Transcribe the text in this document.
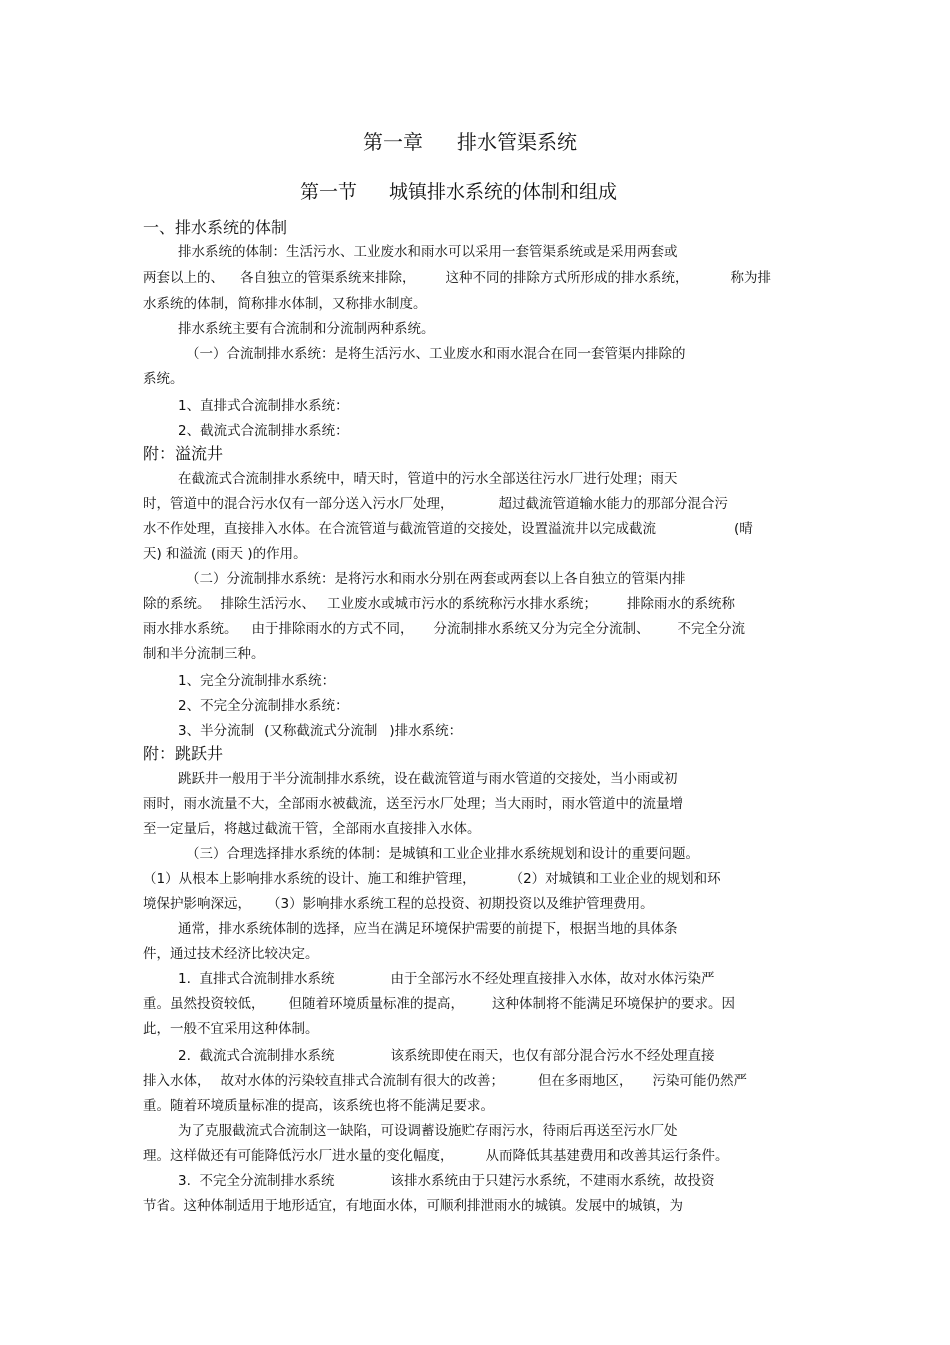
第一章 排水管渠系统
第一节 城镇排水系统的体制和组成
一、排水系统的体制
排水系统的体制：生活污水、工业废水和雨水可以采用一套管渠系统或是采用两套或
两套以上的、 各自独立的管渠系统来排除， 这种不同的排除方式所形成的排水系统，	称为排
水系统的体制，简称排水体制，又称排水制度。
排水系统主要有合流制和分流制两种系统。
（一）合流制排水系统：是将生活污水、工业废水和雨水混合在同一套管渠内排除的
系统。
1、直排式合流制排水系统：
2、截流式合流制排水系统：
附：溢流井
在截流式合流制排水系统中，晴天时，管道中的污水全部送往污水厂进行处理；雨天
时，管道中的混合污水仅有一部分送入污水厂处理，	超过截流管道输水能力的那部分混合污
水不作处理，直接排入水体。在合流管道与截流管道的交接处，设置溢流井以完成截流	(晴
天) 和溢流 (雨天 )的作用。
（二）分流制排水系统：是将污水和雨水分别在两套或两套以上各自独立的管渠内排
除的系统。 排除生活污水、 工业废水或城市污水的系统称污水排水系统； 排除雨水的系统称
雨水排水系统。 由于排除雨水的方式不同， 分流制排水系统又分为完全分流制、 不完全分流
制和半分流制三种。
1、完全分流制排水系统：
2、不完全分流制排水系统：
3、半分流制 (又称截流式分流制 )排水系统：
附：跳跃井
跳跃井一般用于半分流制排水系统，设在截流管道与雨水管道的交接处，当小雨或初
雨时，雨水流量不大，全部雨水被截流，送至污水厂处理；当大雨时，雨水管道中的流量增
至一定量后，将越过截流干管，全部雨水直接排入水体。
（三）合理选择排水系统的体制：是城镇和工业企业排水系统规划和设计的重要问题。
（1）从根本上影响排水系统的设计、施工和维护管理，	（2）对城镇和工业企业的规划和环
境保护影响深远， （3）影响排水系统工程的总投资、初期投资以及维护管理费用。
通常，排水系统体制的选择，应当在满足环境保护需要的前提下，根据当地的具体条
件，通过技术经济比较决定。
1.  直排式合流制排水系统	由于全部污水不经处理直接排入水体，故对水体污染严
重。虽然投资较低， 但随着环境质量标准的提高， 这种体制将不能满足环境保护的要求。因
此，一般不宜采用这种体制。
2.  截流式合流制排水系统	该系统即使在雨天，也仅有部分混合污水不经处理直接
排入水体， 故对水体的污染较直排式合流制有很大的改善；	但在多雨地区， 污染可能仍然严
重。随着环境质量标准的提高，该系统也将不能满足要求。
为了克服截流式合流制这一缺陷，可设调蓄设施贮存雨污水，待雨后再送至污水厂处
理。这样做还有可能降低污水厂进水量的变化幅度， 从而降低其基建费用和改善其运行条件。
3.  不完全分流制排水系统	该排水系统由于只建污水系统，不建雨水系统，故投资
节省。这种体制适用于地形适宜，有地面水体，可顺利排泄雨水的城镇。发展中的城镇，为
